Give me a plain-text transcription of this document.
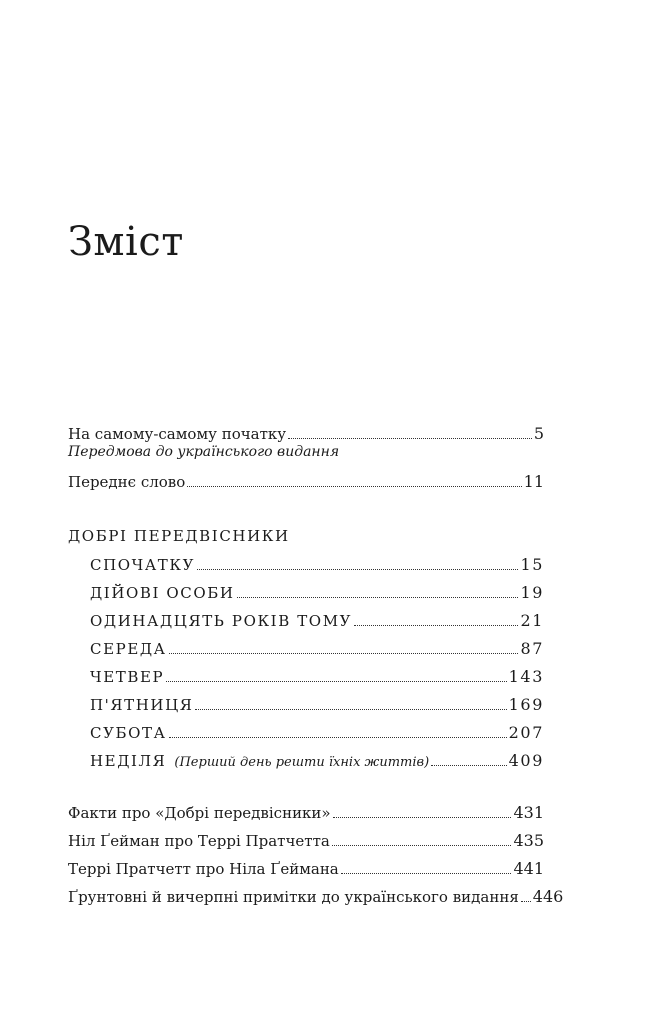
Зміст
На самому-самому початку	5
Передмова до українського видання
Переднє слово	11
ДОБРІ ПЕРЕДВІСНИКИ
СПОЧАТКУ	15
ДІЙОВІ ОСОБИ	19
ОДИНАДЦЯТЬ РОКІВ ТОМУ	21
СЕРЕДА	87
ЧЕТВЕР	143
П'ЯТНИЦЯ	169
СУБОТА	207
НЕДІЛЯ (Перший день решти їхніх життів)	409
Факти про «Добрі передвісники»	431
Ніл Ґейман про Террі Пратчетта	435
Террі Пратчетт про Ніла Ґеймана	441
Ґрунтовні й вичерпні примітки до українського видання 446
